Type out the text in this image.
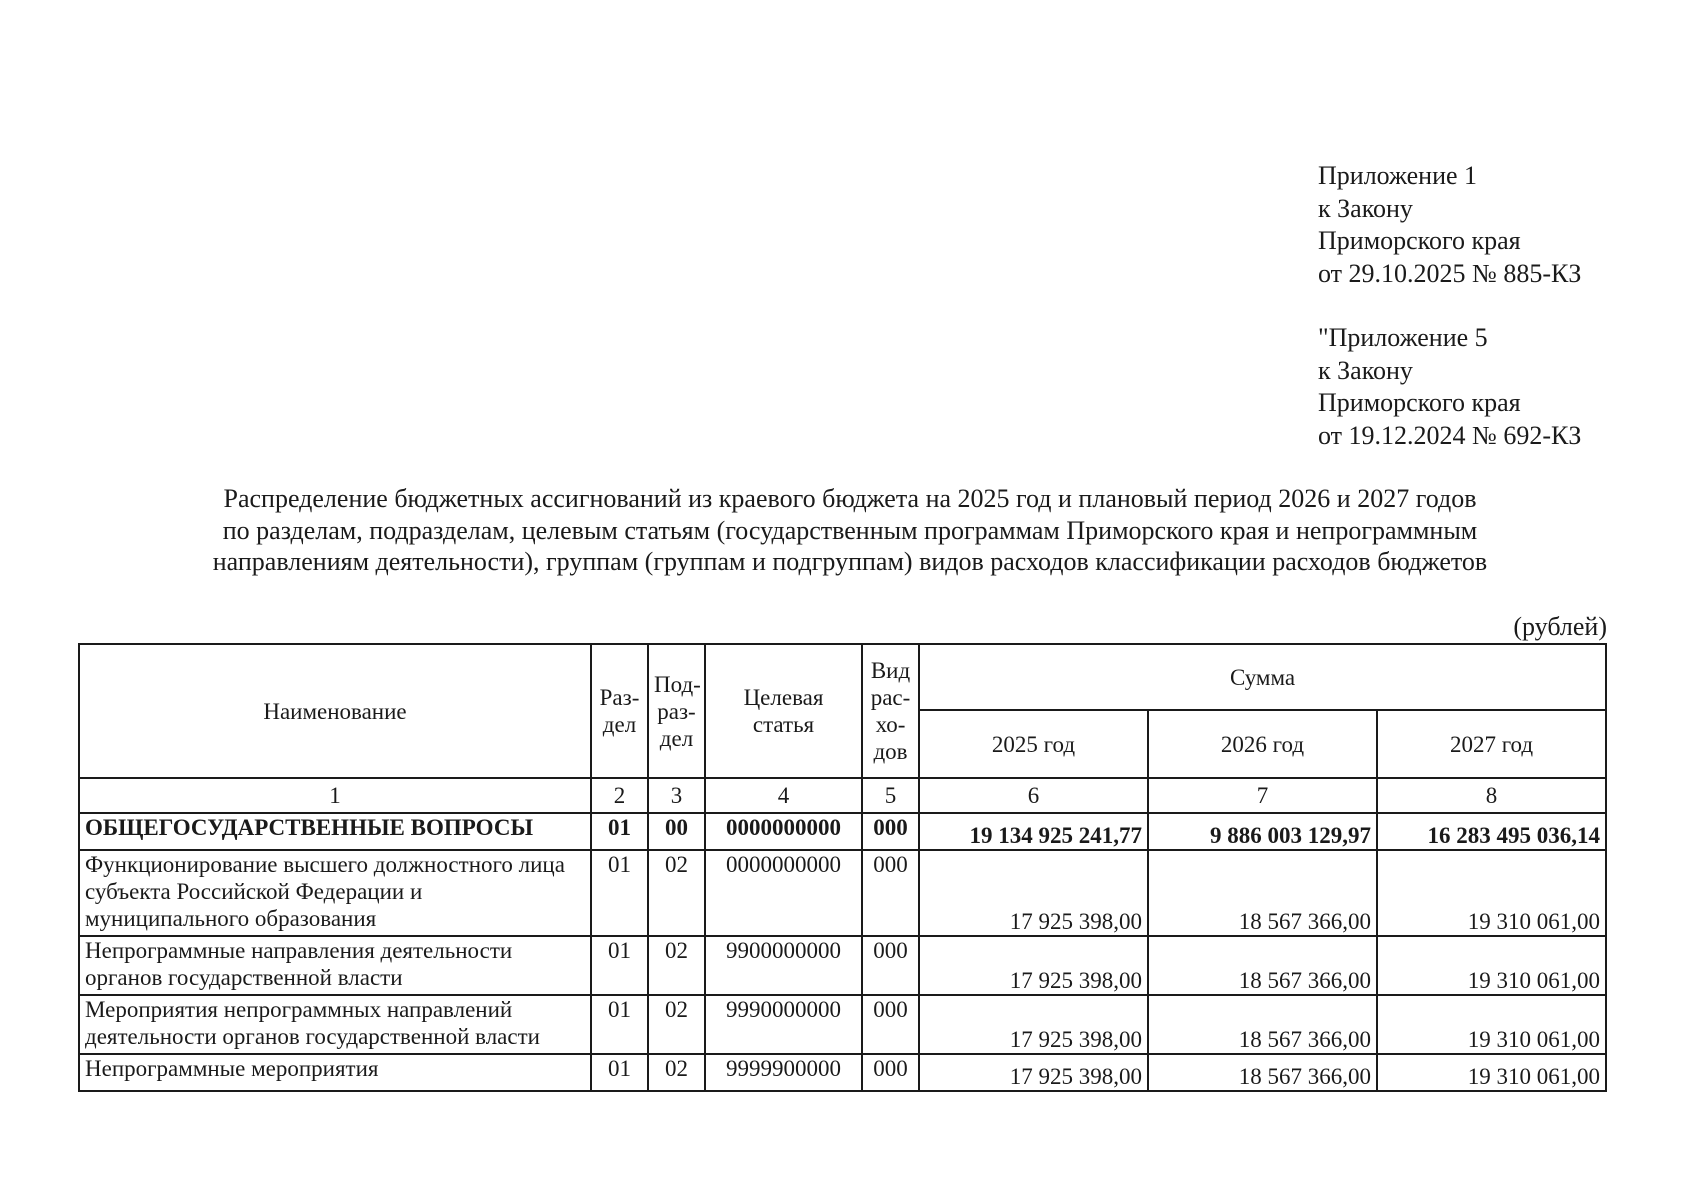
Приложение 1
к Закону
Приморского края
от 29.10.2025 № 885-КЗ
"Приложение 5
к Закону
Приморского края
от 19.12.2024 № 692-КЗ
Распределение бюджетных ассигнований из краевого бюджета на 2025 год и плановый период 2026 и 2027 годов
по разделам, подразделам, целевым статьям (государственным программам Приморского края и непрограммным
направлениям деятельности), группам (группам и подгруппам) видов расходов классификации расходов бюджетов
(рублей)
Наименование	Раз-дел	Под-раз-дел	Целевая статья	Вид рас-хо-дов	Сумма		
					2025 год	2026 год	2027 год
1	2	3	4	5	6	7	8
ОБЩЕГОСУДАРСТВЕННЫЕ ВОПРОСЫ	01	00	0000000000	000	19 134 925 241,77	9 886 003 129,97	16 283 495 036,14
Функционирование высшего должностного лица субъекта Российской Федерации и муниципального образования	01	02	0000000000	000	17 925 398,00	18 567 366,00	19 310 061,00
Непрограммные направления деятельности органов государственной власти	01	02	9900000000	000	17 925 398,00	18 567 366,00	19 310 061,00
Мероприятия непрограммных направлений деятельности органов государственной власти	01	02	9990000000	000	17 925 398,00	18 567 366,00	19 310 061,00
Непрограммные мероприятия	01	02	9999900000	000	17 925 398,00	18 567 366,00	19 310 061,00
